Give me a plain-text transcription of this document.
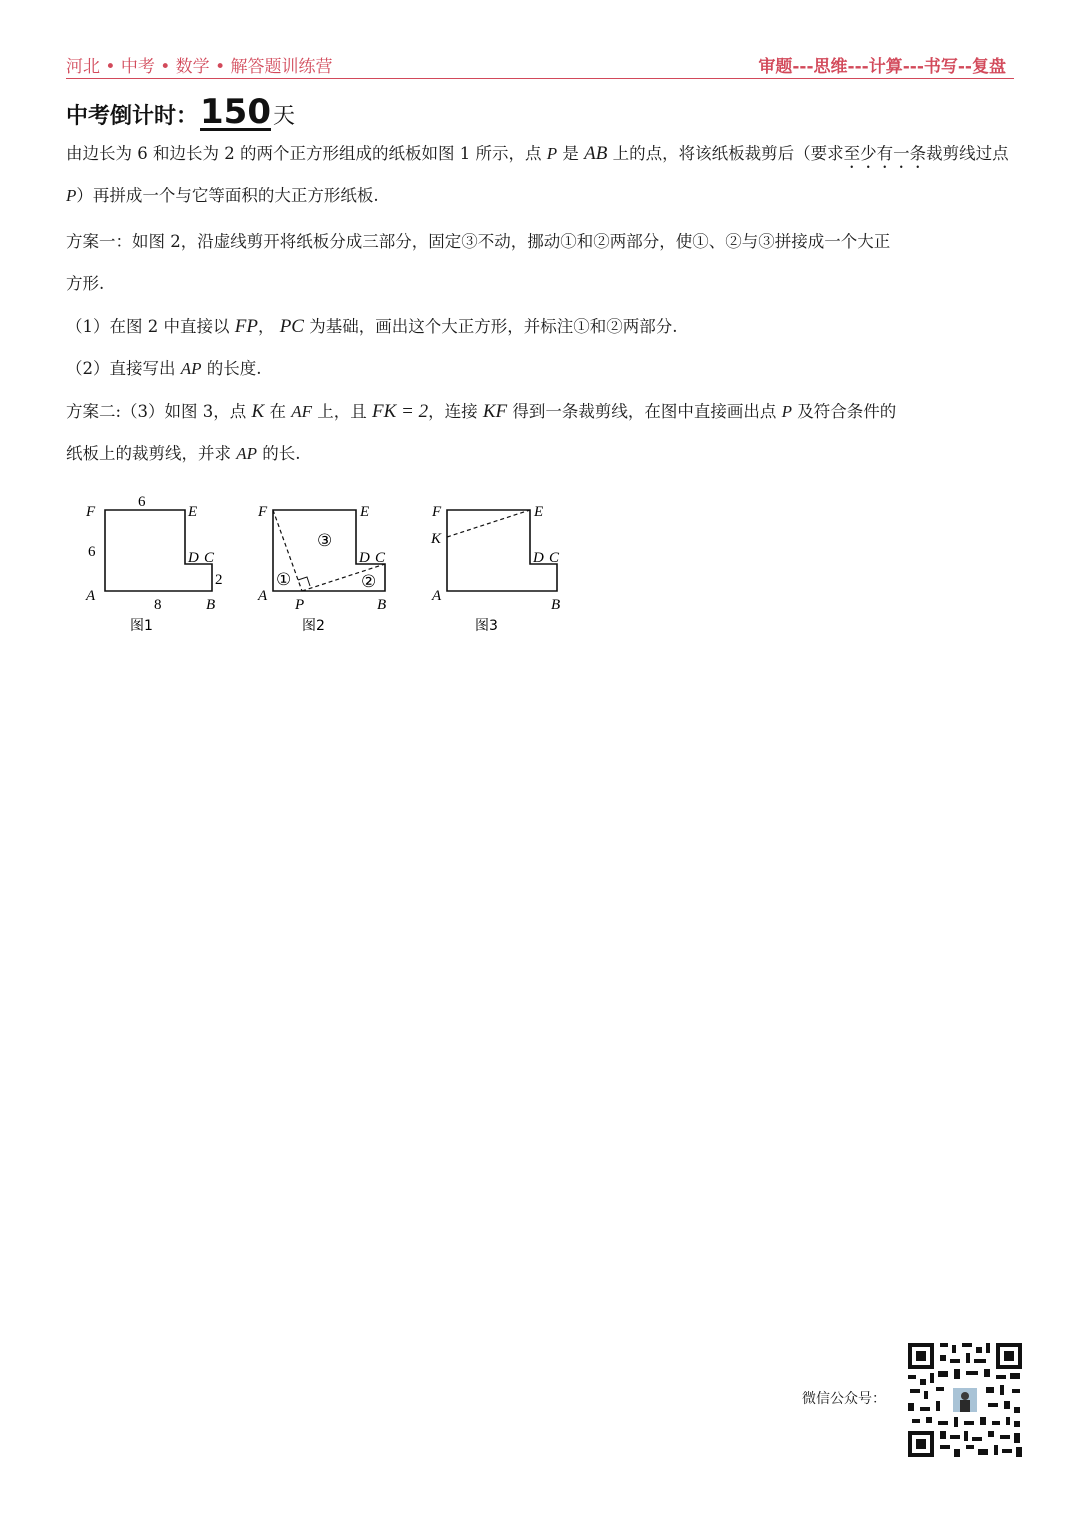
河北 • 中考 • 数学 • 解答题训练营	审题---思维---计算---书写--复盘
中考倒计时：150天
由边长为 6 和边长为 2 的两个正方形组成的纸板如图 1 所示，点 P 是 AB 上的点，将该纸板裁剪后（要求至少有一条裁剪线过点 P）再拼成一个与它等面积的大正方形纸板.
方案一：如图 2，沿虚线剪开将纸板分成三部分，固定③不动，挪动①和②两部分，使①、②与③拼接成一个大正
方形.
（1）在图 2 中直接以 FP， PC 为基础，画出这个大正方形，并标注①和②两部分.
（2）直接写出 AP 的长度.
方案二:（3）如图 3，点 K 在 AF 上，且 FK = 2，连接 KF 得到一条裁剪线，在图中直接画出点 P 及符合条件的
纸板上的裁剪线，并求 AP 的长.
F	E
D C
A
B
6
6
8
2
图1
F	E
D C
A
P	B
①	②
③
图2
F
K
E
D C
A
B
图3
微信公众号：
